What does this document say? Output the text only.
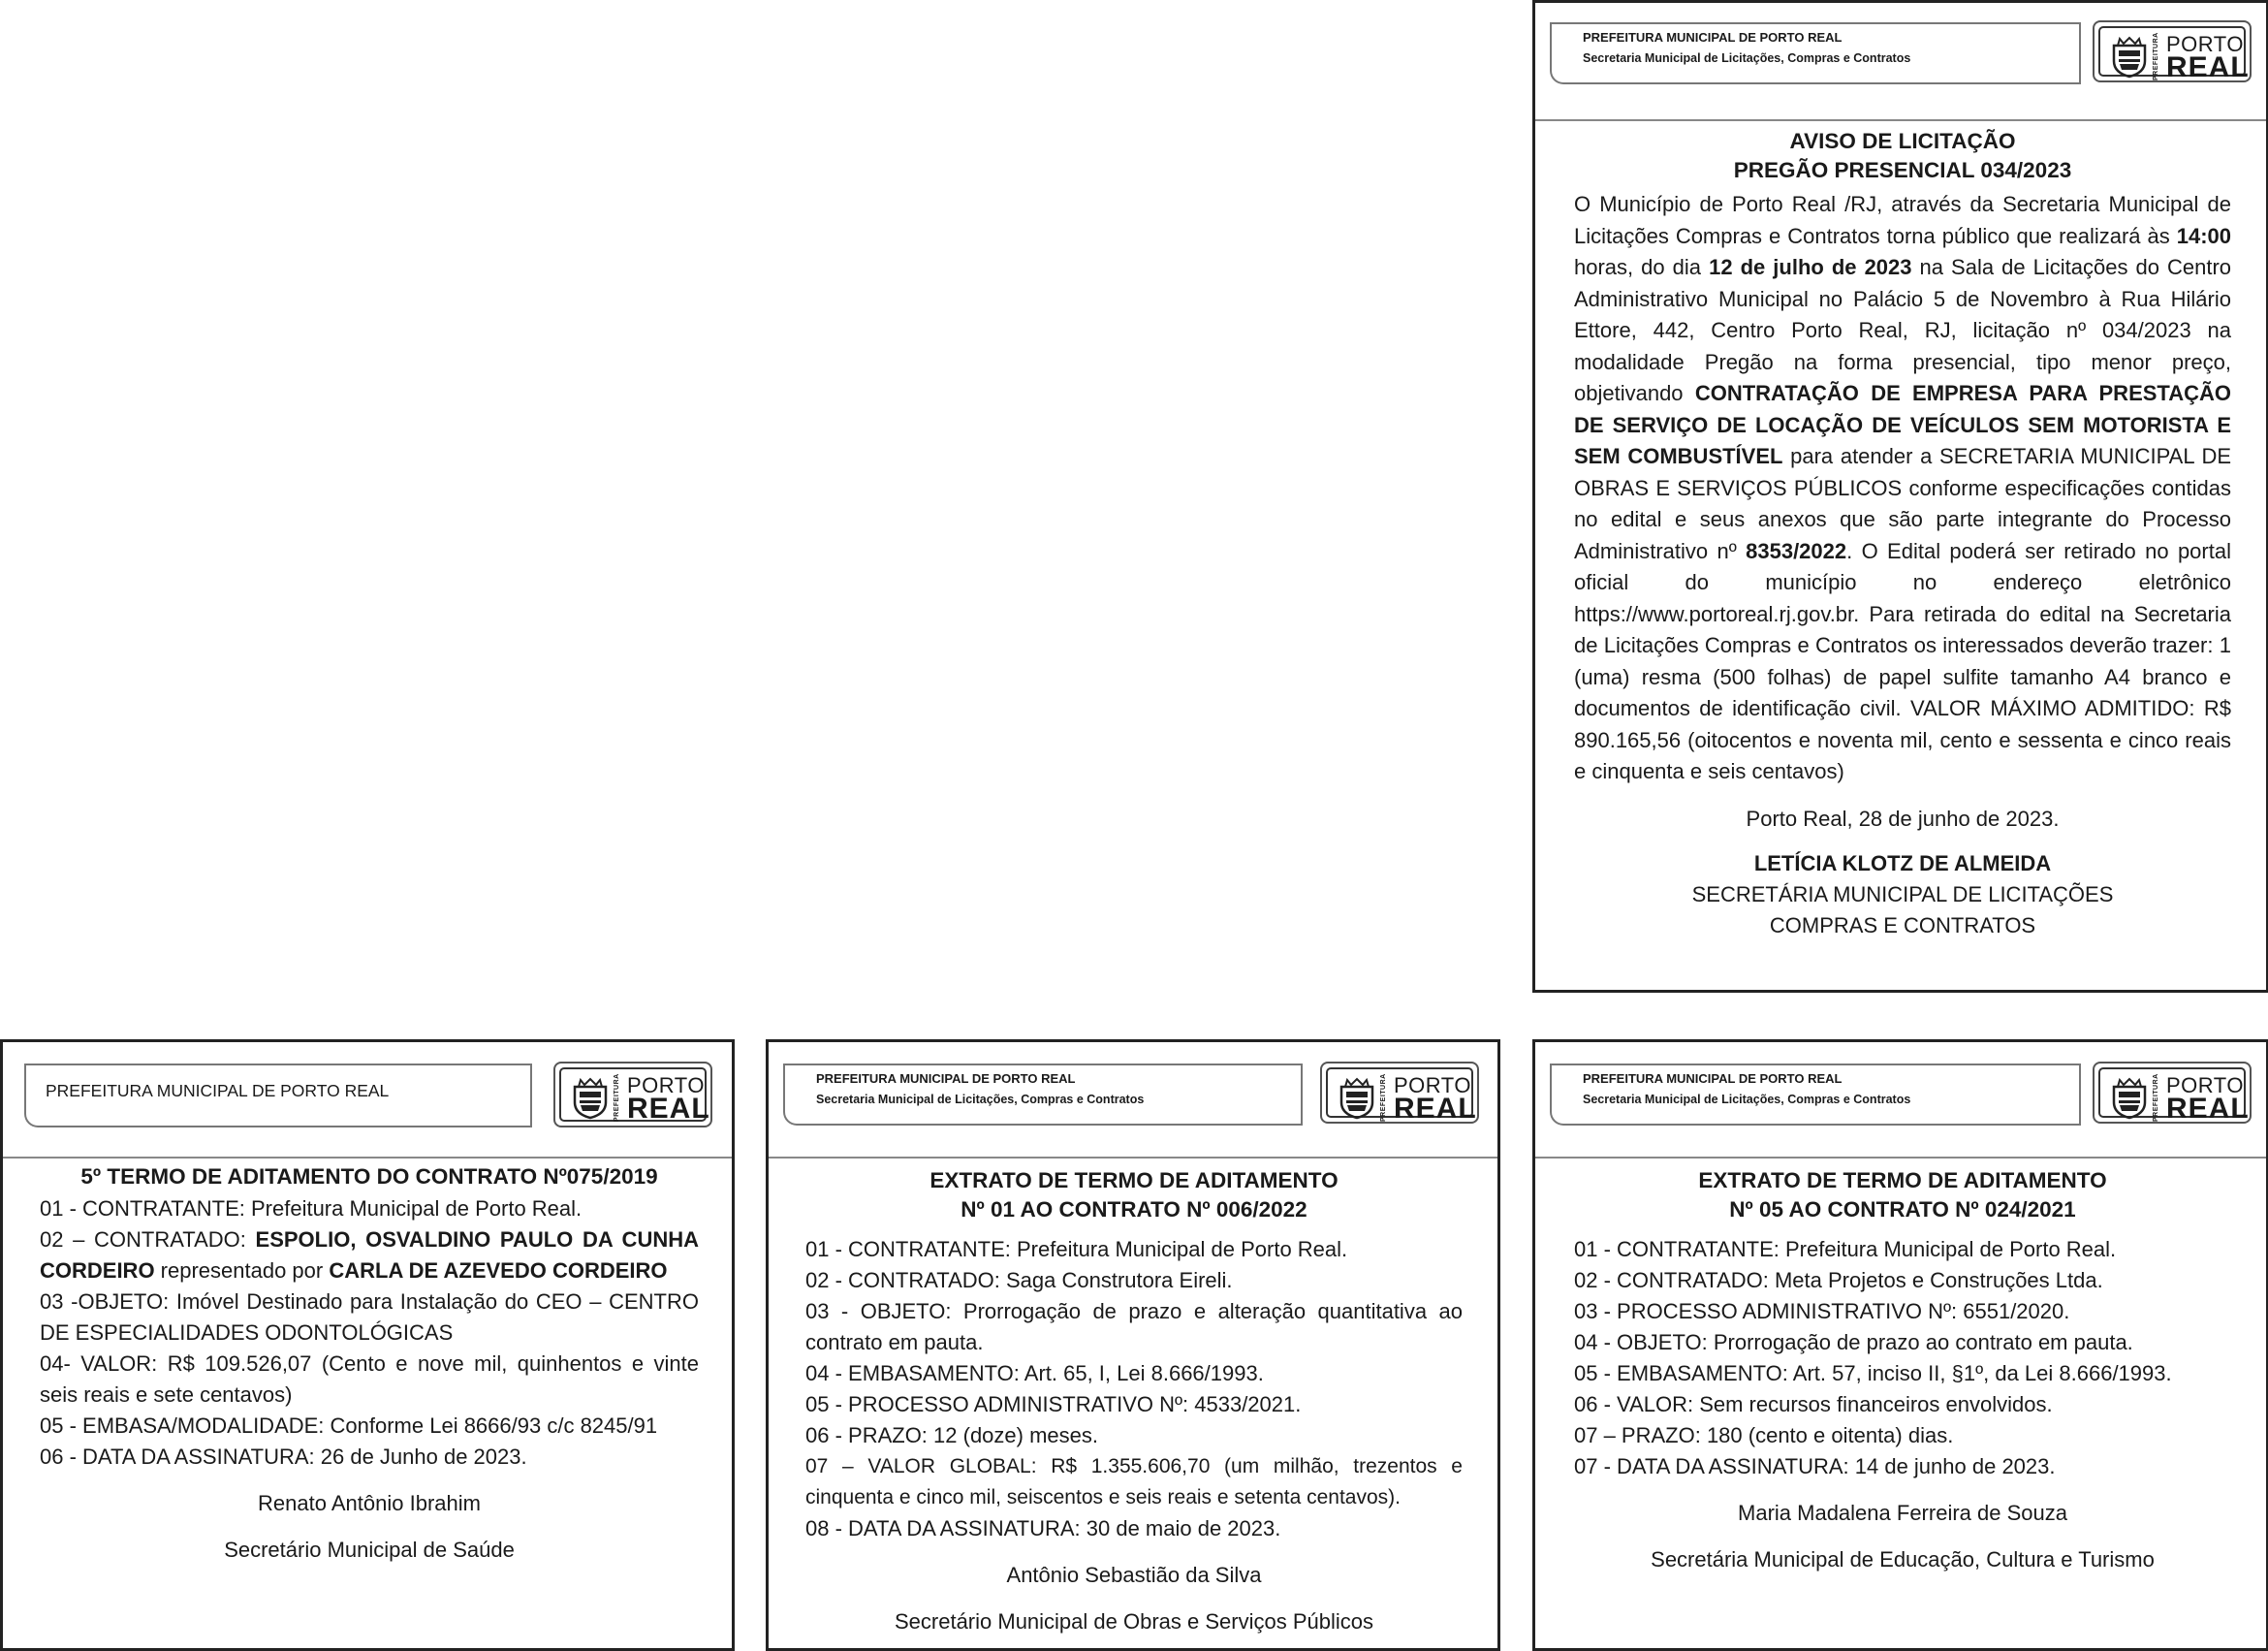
PREFEITURA MUNICIPAL DE PORTO REAL
Secretaria Municipal de Licitações, Compras e Contratos	PREFEITURA PORTO
REAL
AVISO DE LICITAÇÃO
PREGÃO PRESENCIAL 034/2023
O Município de Porto Real /RJ, através da Secretaria Municipal de Licitações Compras e Contratos torna público que realizará às 14:00 horas, do dia 12 de julho de 2023 na Sala de Licitações do Centro Administrativo Municipal no Palácio 5 de Novembro à Rua Hilário Ettore, 442, Centro Porto Real, RJ, licitação nº 034/2023 na modalidade Pregão na forma presencial, tipo menor preço, objetivando CONTRATAÇÃO DE EMPRESA PARA PRESTAÇÃO DE SERVIÇO DE LOCAÇÃO DE VEÍCULOS SEM MOTORISTA E SEM COMBUSTÍVEL para atender a SECRETARIA MUNICIPAL DE OBRAS E SERVIÇOS PÚBLICOS conforme especificações contidas no edital e seus anexos que são parte integrante do Processo Administrativo nº 8353/2022. O Edital poderá ser retirado no portal oficial do município no endereço eletrônico https://www.portoreal.rj.gov.br. Para retirada do edital na Secretaria de Licitações Compras e Contratos os interessados deverão trazer: 1 (uma) resma (500 folhas) de papel sulfite tamanho A4 branco e documentos de identificação civil. VALOR MÁXIMO ADMITIDO: R$ 890.165,56 (oitocentos e noventa mil, cento e sessenta e cinco reais e cinquenta e seis centavos)
Porto Real, 28 de junho de 2023.
LETÍCIA KLOTZ DE ALMEIDA
SECRETÁRIA MUNICIPAL DE LICITAÇÕES
COMPRAS E CONTRATOS
PREFEITURA MUNICIPAL DE PORTO REAL	PREFEITURA PORTO
REAL
5º TERMO DE ADITAMENTO DO CONTRATO Nº075/2019
01 - CONTRATANTE: Prefeitura Municipal de Porto Real.
02 – CONTRATADO: ESPOLIO, OSVALDINO PAULO DA CUNHA CORDEIRO representado por CARLA DE AZEVEDO CORDEIRO
03 -OBJETO: Imóvel Destinado para Instalação do CEO – CENTRO DE ESPECIALIDADES ODONTOLÓGICAS
04- VALOR: R$ 109.526,07 (Cento e nove mil, quinhentos e vinte seis reais e sete centavos)
05 - EMBASA/MODALIDADE: Conforme Lei 8666/93 c/c 8245/91
06 - DATA DA ASSINATURA: 26 de Junho de 2023.
Renato Antônio Ibrahim
Secretário Municipal de Saúde
PREFEITURA MUNICIPAL DE PORTO REAL
Secretaria Municipal de Licitações, Compras e Contratos	PREFEITURA PORTO
REAL
EXTRATO DE TERMO DE ADITAMENTO
Nº 01 AO CONTRATO Nº 006/2022
01 - CONTRATANTE: Prefeitura Municipal de Porto Real.
02 - CONTRATADO: Saga Construtora Eireli.
03 - OBJETO: Prorrogação de prazo e alteração quantitativa ao contrato em pauta.
04 - EMBASAMENTO: Art. 65, I, Lei 8.666/1993.
05 - PROCESSO ADMINISTRATIVO Nº: 4533/2021.
06 - PRAZO: 12 (doze) meses.
07 – VALOR GLOBAL: R$ 1.355.606,70 (um milhão, trezentos e cinquenta e cinco mil, seiscentos e seis reais e setenta centavos).
08 - DATA DA ASSINATURA: 30 de maio de 2023.
Antônio Sebastião da Silva
Secretário Municipal de Obras e Serviços Públicos
PREFEITURA MUNICIPAL DE PORTO REAL
Secretaria Municipal de Licitações, Compras e Contratos	PREFEITURA PORTO
REAL
EXTRATO DE TERMO DE ADITAMENTO
Nº 05 AO CONTRATO Nº 024/2021
01 - CONTRATANTE: Prefeitura Municipal de Porto Real.
02 - CONTRATADO: Meta Projetos e Construções Ltda.
03 - PROCESSO ADMINISTRATIVO Nº: 6551/2020.
04 - OBJETO: Prorrogação de prazo ao contrato em pauta.
05 - EMBASAMENTO: Art. 57, inciso II, §1º, da Lei 8.666/1993.
06 - VALOR: Sem recursos financeiros envolvidos.
07 – PRAZO: 180 (cento e oitenta) dias.
07 - DATA DA ASSINATURA: 14 de junho de 2023.
Maria Madalena Ferreira de Souza
Secretária Municipal de Educação, Cultura e Turismo
